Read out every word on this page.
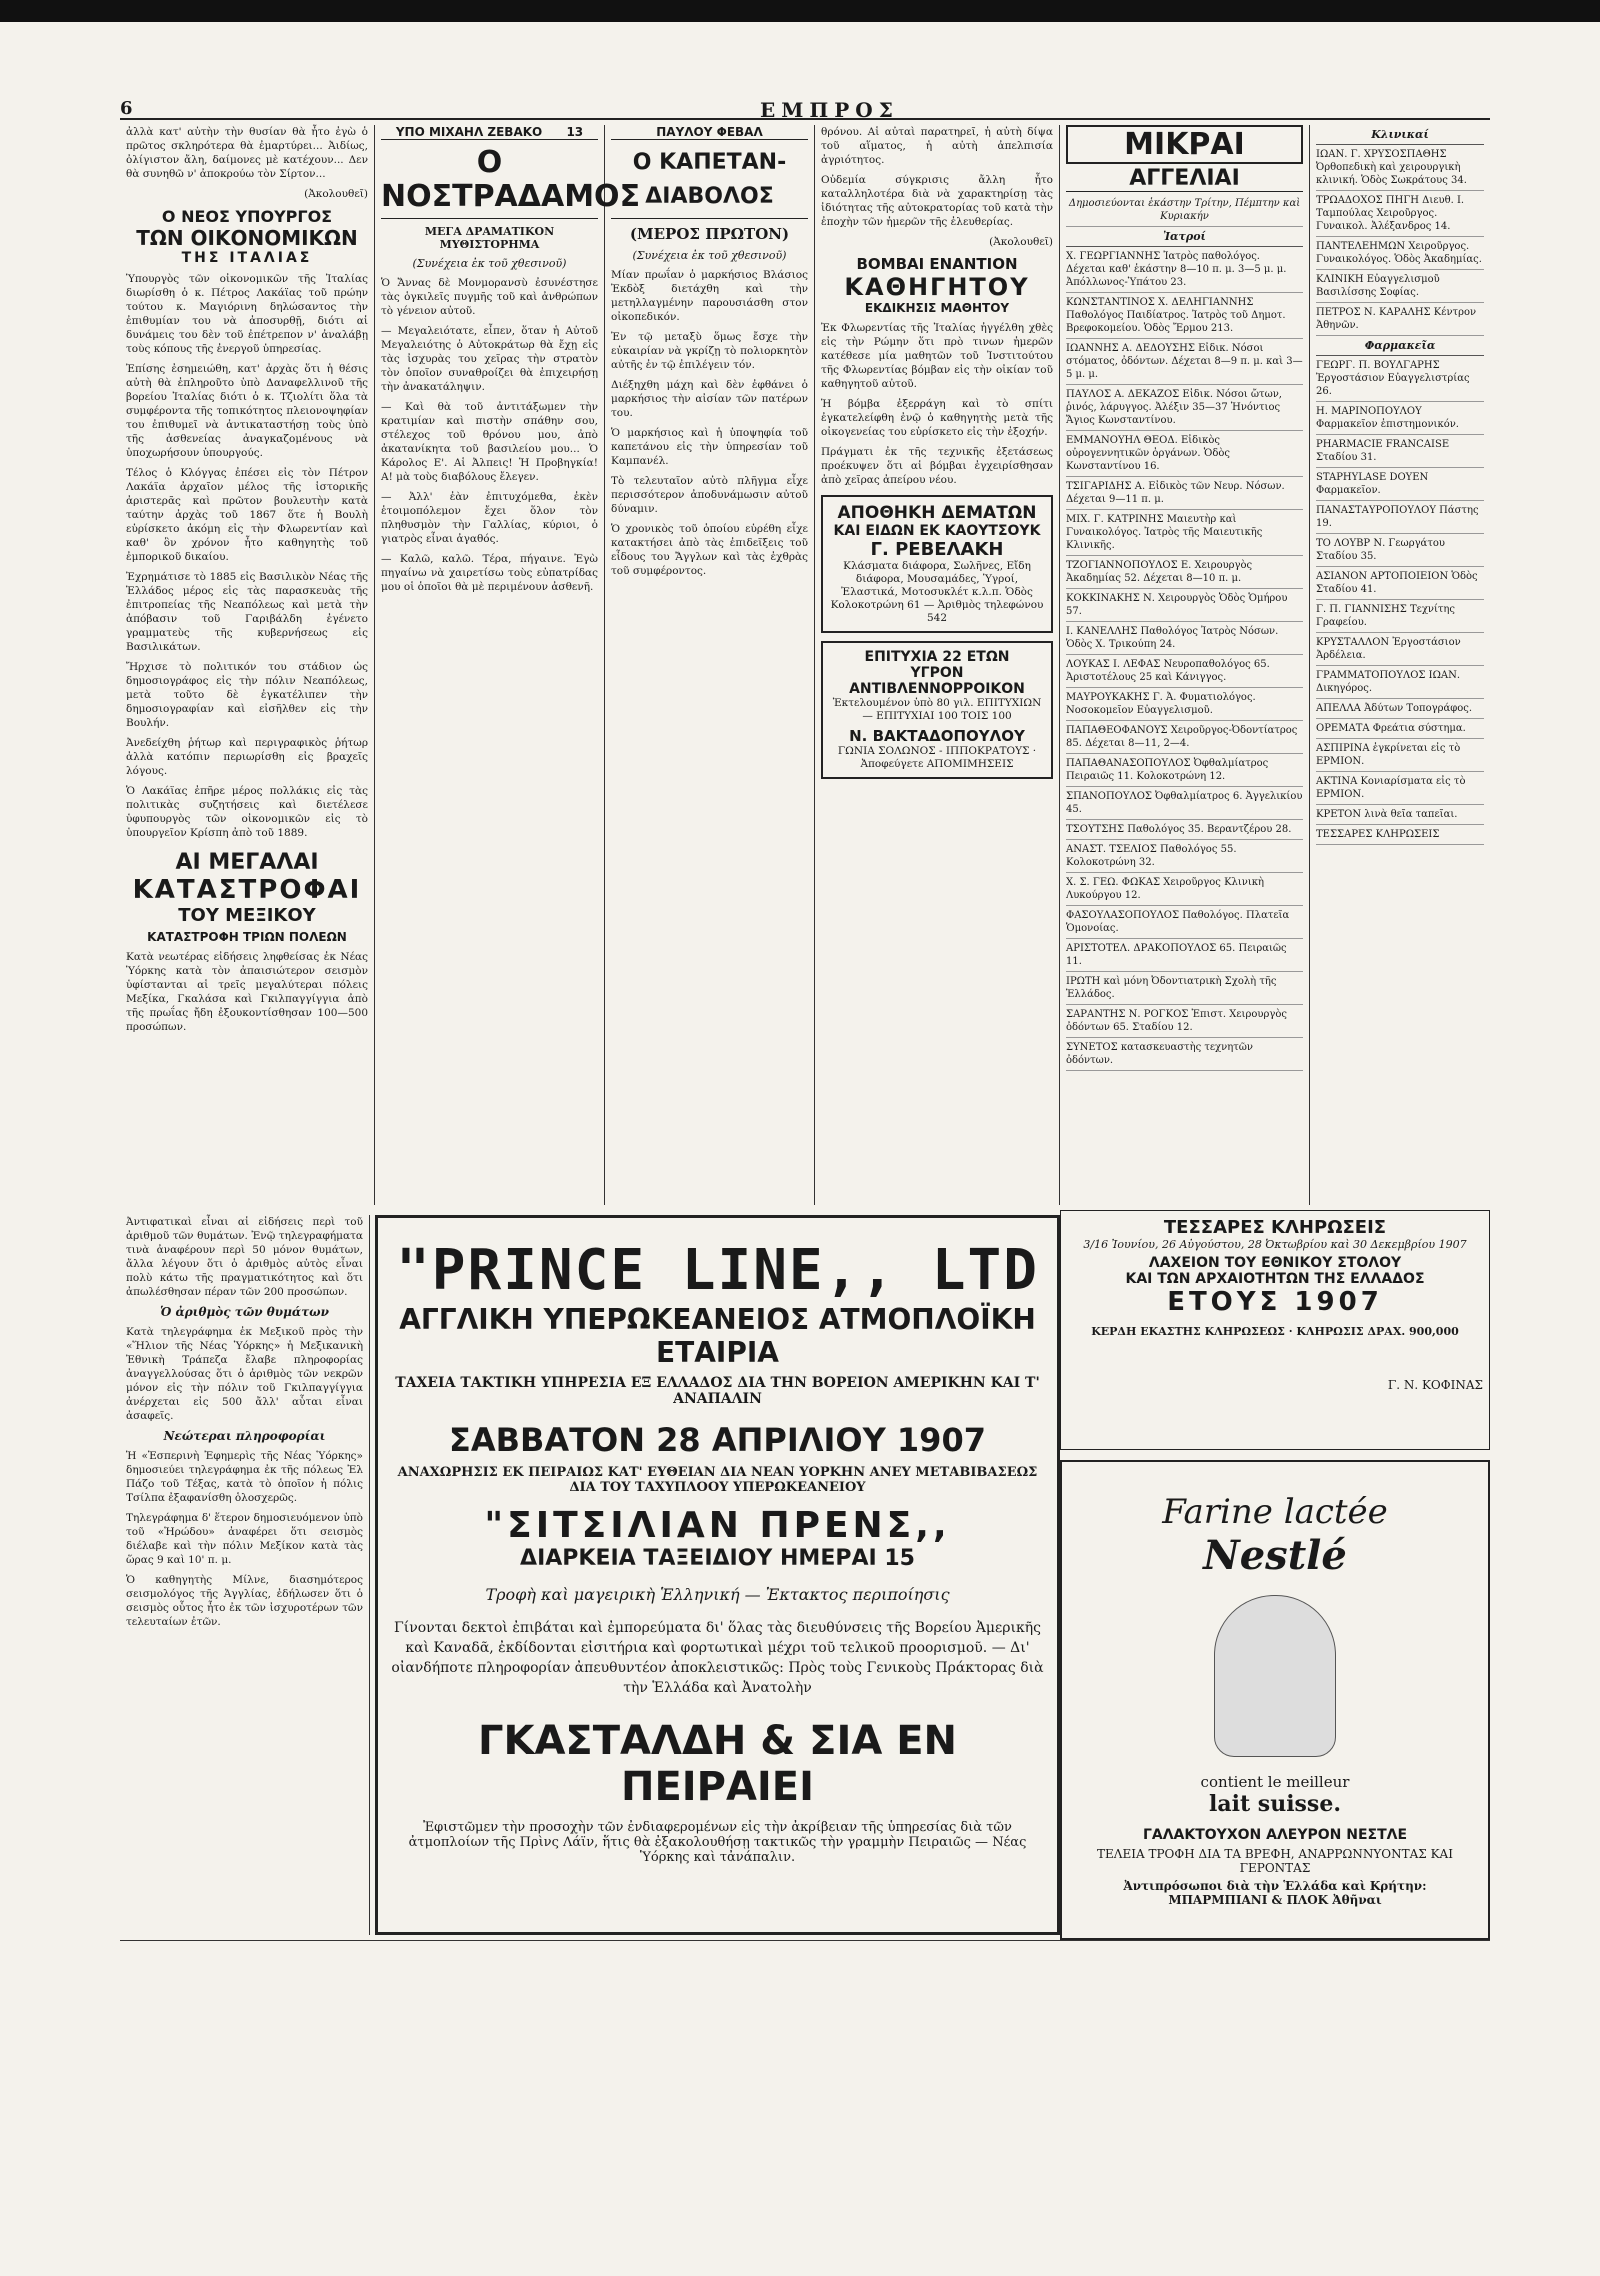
6	ΕΜΠΡΟΣ

ἀλλὰ κατ' αὐτὴν τὴν θυσίαν θὰ ἦτο ἐγὼ ὁ πρῶτος σκληρότερα θὰ ἐμαρτύρει... Ἀιδίως, ὀλίγιστον ἄλη, δαίμονες μὲ κατέχουν... Δεν θὰ συνηθῶ ν' ἀποκρούω τὸν Σίρτον...

(Ἀκολουθεῖ)

Ο ΝΕΟΣ ΥΠΟΥΡΓΟΣ
ΤΩΝ ΟΙΚΟΝΟΜΙΚΩΝ
ΤΗΣ ΙΤΑΛΙΑΣ

Ὑπουργὸς τῶν οἰκονομικῶν τῆς Ἰταλίας διωρίσθη ὁ κ. Πέτρος Λακάϊας τοῦ πρώην τούτου κ. Μαγιόρινη δηλώσαντος τὴν ἐπιθυμίαν του νὰ ἀποσυρθῇ, διότι αἱ δυνάμεις του δὲν τοῦ ἐπέτρεπον ν' ἀναλάβῃ τοὺς κόπους τῆς ἐνεργοῦ ὑπηρεσίας.

Ἐπίσης ἐσημειώθη, κατ' ἀρχὰς ὅτι ἡ θέσις αὐτὴ θὰ ἐπληροῦτο ὑπὸ Δαναφελλινοῦ τῆς βορείου Ἰταλίας διότι ὁ κ. Τζιολίτι ὅλα τὰ συμφέροντα τῆς τοπικότητος πλειονοψηφίαν του ἐπιθυμεῖ νὰ ἀντικαταστήσῃ τοὺς ὑπὸ τῆς ἀσθενείας ἀναγκαζομένους νὰ ὑποχωρήσουν ὑπουργούς.

Τέλος ὁ Κλόγγας ἐπέσει εἰς τὸν Πέτρον Λακάϊα ἀρχαῖον μέλος τῆς ἱστορικῆς ἀριστερᾶς καὶ πρῶτον βουλευτὴν κατὰ ταύτην ἀρχὰς τοῦ 1867 ὅτε ἡ Βουλὴ εὑρίσκετο ἀκόμη εἰς τὴν Φλωρεντίαν καὶ καθ' ὃν χρόνον ἦτο καθηγητὴς τοῦ ἐμπορικοῦ δικαίου.

Ἐχρημάτισε τὸ 1885 εἰς Βασιλικὸν Νέας τῆς Ἑλλάδος μέρος εἰς τὰς παρασκευὰς τῆς ἐπιτροπείας τῆς Νεαπόλεως καὶ μετὰ τὴν ἀπόβασιν τοῦ Γαριβάλδη ἐγένετο γραμματεὺς τῆς κυβερνήσεως εἰς Βασιλικάτων.

Ἤρχισε τὸ πολιτικόν του στάδιον ὡς δημοσιογράφος εἰς τὴν πόλιν Νεαπόλεως, μετὰ τοῦτο δὲ ἐγκατέλιπεν τὴν δημοσιογραφίαν καὶ εἰσῆλθεν εἰς τὴν Βουλήν.

Ἀνεδείχθη ῥήτωρ καὶ περιγραφικὸς ῥήτωρ ἀλλὰ κατόπιν περιωρίσθη εἰς βραχεῖς λόγους.

Ὁ Λακάϊας ἐπῆρε μέρος πολλάκις εἰς τὰς πολιτικὰς συζητήσεις καὶ διετέλεσε ὑφυπουργὸς τῶν οἰκονομικῶν εἰς τὸ ὑπουργεῖον Κρίσπη ἀπὸ τοῦ 1889.

ΑΙ ΜΕΓΑΛΑΙ
ΚΑΤΑΣΤΡΟΦΑΙ
ΤΟΥ ΜΕΞΙΚΟΥ
ΚΑΤΑΣΤΡΟΦΗ ΤΡΙΩΝ ΠΟΛΕΩΝ

Κατὰ νεωτέρας εἰδήσεις ληφθείσας ἐκ Νέας Ὑόρκης κατὰ τὸν ἀπαισιώτερον σεισμὸν ὑφίστανται αἱ τρεῖς μεγαλύτεραι πόλεις Μεξίκα, Γκαλάσα καὶ Γκιλπαγγίγγια ἀπὸ τῆς πρωΐας ἤδη ἐξουκοντίσθησαν 100—500 προσώπων.

ΥΠΟ ΜΙΧΑΗΛ ΖΕΒΑΚΟ 13
Ο ΝΟΣΤΡΑΔΑΜΟΣ
ΜΕΓΑ ΔΡΑΜΑΤΙΚΟΝ ΜΥΘΙΣΤΟΡΗΜΑ
(Συνέχεια ἐκ τοῦ χθεσινοῦ)

Ὁ Ἄννας δὲ Μονμορανσὺ ἐσυνέστησε τὰς ὁγκιλεῖς πυγμῆς τοῦ καὶ ἀνθρώπων τὸ γένειον αὐτοῦ.

— Μεγαλειότατε, εἶπεν, ὅταν ἡ Αὐτοῦ Μεγαλειότης ὁ Αὐτοκράτωρ θὰ ἔχῃ εἰς τὰς ἰσχυρὰς του χεῖρας τὴν στρατὸν τὸν ὁποῖον συναθροίζει θὰ ἐπιχειρήσῃ τὴν ἀνακατάληψιν.

— Καὶ θὰ τοῦ ἀντιτάξωμεν τὴν κρατιμίαν καὶ πιστὴν σπάθην σου, στέλεχος τοῦ θρόνου μου, ἀπὸ ἀκατανίκητα τοῦ βασιλείου μου... Ὁ Κάρολος Ε'. Αἱ Ἀλπεις! Ἡ Προβηγκία! Α! μὰ τοὺς διαβόλους ἔλεγεν.

— Ἀλλ' ἐὰν ἐπιτυχόμεθα, ἐκὲν ἑτοιμοπόλεμον ἔχει ὅλον τὸν πληθυσμὸν τὴν Γαλλίας, κύριοι, ὁ γιατρὸς εἶναι ἀγαθός.

— Καλῶ, καλῶ. Τέρα, πήγαινε. Ἐγὼ πηγαίνω νὰ χαιρετίσω τοὺς εὐπατρίδας μου οἱ ὁποῖοι θὰ μὲ περιμένουν ἀσθενῆ.

ΠΑΥΛΟΥ ΦΕΒΑΛ
Ο ΚΑΠΕΤΑΝ-ΔΙΑΒΟΛΟΣ
(ΜΕΡΟΣ ΠΡΩΤΟΝ)
(Συνέχεια ἐκ τοῦ χθεσινοῦ)

Μίαν πρωΐαν ὁ μαρκήσιος Βλάσιος Ἐκδὸξ διετάχθη καὶ τὴν μετηλλαγμένην παρουσιάσθη στον οἰκοπεδικόν.

Ἐν τῷ μεταξὺ ὅμως ἔσχε τὴν εὐκαιρίαν νὰ γκρίζῃ τὸ πολιορκητὸν αὐτῆς ἐν τῷ ἐπιλέγειν τόν.

Διέξηχθη μάχη καὶ δὲν ἐφθάνει ὁ μαρκήσιος τὴν αἰσίαν τῶν πατέρων του.

Ὁ μαρκήσιος καὶ ἡ ὑποψηφία τοῦ καπετάνου εἰς τὴν ὑπηρεσίαν τοῦ Καμπανέλ.

Τὸ τελευταῖον αὐτὸ πλῆγμα εἶχε περισσότερον ἀποδυνάμωσιν αὐτοῦ δύναμιν.

Ὁ χρονικὸς τοῦ ὁποίου εὑρέθη εἶχε κατακτήσει ἀπὸ τὰς ἐπιδεῖξεις τοῦ εἶδους του Ἄγγλων καὶ τὰς ἐχθρὰς τοῦ συμφέροντος.

θρόνου. Αἱ αὐταὶ παρατηρεῖ, ἡ αὐτὴ δίψα τοῦ αἵματος, ἡ αὐτὴ ἀπελπισία ἀγριότητος.

Οὐδεμία σύγκρισις ἄλλη ἦτο καταλληλοτέρα διὰ νὰ χαρακτηρίσῃ τὰς ἰδιότητας τῆς αὐτοκρατορίας τοῦ κατὰ τὴν ἐποχὴν τῶν ἡμερῶν τῆς ἐλευθερίας.

(Ἀκολουθεῖ)

ΒΟΜΒΑΙ ΕΝΑΝΤΙΟΝ
ΚΑΘΗΓΗΤΟΥ
ΕΚΔΙΚΗΣΙΣ ΜΑΘΗΤΟΥ

Ἐκ Φλωρεντίας τῆς Ἰταλίας ἠγγέλθη χθὲς εἰς τὴν Ρώμην ὅτι πρὸ τινων ἡμερῶν κατέθεσε μία μαθητῶν τοῦ Ἰνστιτούτου τῆς Φλωρεντίας βόμβαν εἰς τὴν οἰκίαν τοῦ καθηγητοῦ αὐτοῦ.

Ἡ βόμβα ἐξερράγη καὶ τὸ σπίτι ἐγκατελείφθη ἐνῷ ὁ καθηγητὴς μετὰ τῆς οἰκογενείας του εὑρίσκετο εἰς τὴν ἐξοχήν.

Πράγματι ἐκ τῆς τεχνικῆς ἐξετάσεως προέκυψεν ὅτι αἱ βόμβαι ἐγχειρίσθησαν ἀπὸ χεῖρας ἀπείρου νέου.

ΑΠΟΘΗΚΗ ΔΕΜΑΤΩΝ
ΚΑΙ ΕΙΔΩΝ ΕΚ ΚΑΟΥΤΣΟΥΚ
Γ. ΡΕΒΕΛΑΚΗ
Κλάσματα διάφορα, Σωλῆνες, Εἴδη διάφορα, Μουσαμάδες, Ὑγροί, Ἐλαστικά, Μοτοσυκλέτ κ.λ.π. Ὁδὸς Κολοκοτρώνη 61 — Ἀριθμὸς τηλεφώνου 542
ΕΠΙΤΥΧΙΑ 22 ΕΤΩΝ
ΥΓΡΟΝ ΑΝΤΙΒΛΕΝΝΟΡΡΟΙΚΟΝ
Ἐκτελουμένον ὑπὸ 80 γιλ. ΕΠΙΤΥΧΙΩΝ — ΕΠΙΤΥΧΙΑΙ 100 ΤΟΙΣ 100
Ν. ΒΑΚΤΑΔΟΠΟΥΛΟΥ
ΓΩΝΙΑ ΣΟΛΩΝΟΣ - ΙΠΠΟΚΡΑΤΟΥΣ · Ἀποφεύγετε ΑΠΟΜΙΜΗΣΕΙΣ
ΜΙΚΡΑΙ
ΑΓΓΕΛΙΑΙ
Δημοσιεύονται ἑκάστην Τρίτην, Πέμπτην καὶ Κυριακήν
Ἰατροί
Χ. ΓΕΩΡΓΙΑΝΝΗΣ Ἰατρὸς παθολόγος. Δέχεται καθ' ἑκάστην 8—10 π. μ. 3—5 μ. μ. Ἀπόλλωνος-Ὑπάτου 23.
ΚΩΝΣΤΑΝΤΙΝΟΣ Χ. ΔΕΛΗΓΙΑΝΝΗΣ Παθολόγος Παιδίατρος. Ἰατρὸς τοῦ Δημοτ. Βρεφοκομείου. Ὁδὸς Ἔρμου 213.
ΙΩΑΝΝΗΣ Α. ΔΕΔΟΥΣΗΣ Εἰδικ. Νόσοι στόματος, ὀδόντων. Δέχεται 8—9 π. μ. καὶ 3—5 μ. μ.
ΠΑΥΛΟΣ Α. ΔΕΚΑΖΟΣ Εἰδικ. Νόσοι ὤτων, ῥινός, λάρυγγος. Ἀλέξιν 35—37 Ἡνόντιος Ἄγιος Κωνσταντίνου.
ΕΜΜΑΝΟΥΗΛ ΘΕΟΔ. Εἰδικὸς οὐρογεννητικῶν ὀργάνων. Ὁδὸς Κωνσταντίνου 16.
ΤΣΙΓΑΡΙΔΗΣ Α. Εἰδικὸς τῶν Νευρ. Νόσων. Δέχεται 9—11 π. μ.
ΜΙΧ. Γ. ΚΑΤΡΙΝΗΣ Μαιευτὴρ καὶ Γυναικολόγος. Ἰατρὸς τῆς Μαιευτικῆς Κλινικῆς.
ΤΖΟΓΙΑΝΝΟΠΟΥΛΟΣ Ε. Χειρουργὸς Ἀκαδημίας 52. Δέχεται 8—10 π. μ.
ΚΟΚΚΙΝΑΚΗΣ Ν. Χειρουργὸς Ὁδὸς Ὁμήρου 57.
Ι. ΚΑΝΕΛΛΗΣ Παθολόγος Ἰατρὸς Νόσων. Ὁδὸς Χ. Τρικούπη 24.
ΛΟΥΚΑΣ Ι. ΛΕΦΑΣ Νευροπαθολόγος 65. Ἀριστοτέλους 25 καὶ Κάνιγγος.
ΜΑΥΡΟΥΚΑΚΗΣ Γ. Ἀ. Φυματιολόγος. Νοσοκομεῖον Εὐαγγελισμοῦ.
ΠΑΠΑΘΕΟΦΑΝΟΥΣ Χειροῦργος-Ὀδοντίατρος 85. Δέχεται 8—11, 2—4.
ΠΑΠΑΘΑΝΑΣΟΠΟΥΛΟΣ Ὀφθαλμίατρος Πειραιῶς 11. Κολοκοτρώνη 12.
ΣΠΑΝΟΠΟΥΛΟΣ Ὀφθαλμίατρος 6. Ἀγγελικίου 45.
ΤΣΟΥΤΣΗΣ Παθολόγος 35. Βεραντζέρου 28.
ΑΝΑΣΤ. ΤΣΕΛΙΟΣ Παθολόγος 55. Κολοκοτρώνη 32.
Χ. Σ. ΓΕΩ. ΦΩΚΑΣ Χειροῦργος Κλινικὴ Λυκούργου 12.
ΦΑΣΟΥΛΑΣΟΠΟΥΛΟΣ Παθολόγος. Πλατεῖα Ὁμονοίας.
ΑΡΙΣΤΟΤΕΛ. ΔΡΑΚΟΠΟΥΛΟΣ 65. Πειραιῶς 11.
ΙΡΩΤΗ καὶ μόνη Ὀδοντιατρικὴ Σχολὴ τῆς Ἑλλάδος.
ΣΑΡΑΝΤΗΣ Ν. ΡΟΓΚΟΣ Ἐπιστ. Χειρουργὸς ὀδόντων 65. Σταδίου 12.
ΣΥΝΕΤΟΣ κατασκευαστὴς τεχνητῶν ὀδόντων.
Κλινικαί
ΙΩΑΝ. Γ. ΧΡΥΣΟΣΠΑΘΗΣ Ὀρθοπεδικὴ καὶ χειρουργικὴ κλινική. Ὁδὸς Σωκράτους 34.
ΤΡΩΑΔΟΧΟΣ ΠΗΓΗ Διευθ. Ι. Ταμπούλας Χειροῦργος. Γυναικολ. Ἀλέξανδρος 14.
ΠΑΝΤΕΛΕΗΜΩΝ Χειροῦργος. Γυναικολόγος. Ὁδὸς Ἀκαδημίας.
ΚΛΙΝΙΚΗ Εὐαγγελισμοῦ Βασιλίσσης Σοφίας.
ΠΕΤΡΟΣ Ν. ΚΑΡΑΛΗΣ Κέντρον Ἀθηνῶν.
Φαρμακεῖα
ΓΕΩΡΓ. Π. ΒΟΥΛΓΑΡΗΣ Ἐργοστάσιον Εὐαγγελιστρίας 26.
Η. ΜΑΡΙΝΟΠΟΥΛΟΥ Φαρμακεῖον ἐπιστημονικόν.
PHARMACIE FRANCAISE Σταδίου 31.
STAPHYLASE DOYEN Φαρμακεῖον.
ΠΑΝΑΣΤΑΥΡΟΠΟΥΛΟΥ Πάστης 19.
ΤΟ ΛΟΥΒΡ Ν. Γεωργάτου Σταδίου 35.
ΑΣΙΑΝΟΝ ΑΡΤΟΠΟΙΕΙΟΝ Ὁδὸς Σταδίου 41.
Γ. Π. ΓΙΑΝΝΙΣΗΣ Τεχνίτης Γραφείου.
ΚΡΥΣΤΑΛΛΟΝ Ἐργοστάσιον Ἀρδέλεια.
ΓΡΑΜΜΑΤΟΠΟΥΛΟΣ ΙΩΑΝ. Δικηγόρος.
ΑΠΕΛΛΑ Ἀδύτων Τοπογράφος.
ΟΡΕΜΑΤΑ Φρεάτια σύστημα.
ΑΣΠΙΡΙΝΑ ἐγκρίνεται εἰς τὸ ΕΡΜΙΟΝ.
ΑΚΤΙΝΑ Κονιαρίσματα εἰς τὸ ΕΡΜΙΟΝ.
ΚΡΕΤΟΝ λινὰ θεῖα ταπεῖαι.
ΤΕΣΣΑΡΕΣ ΚΛΗΡΩΣΕΙΣ

Ἀντιφατικαὶ εἶναι αἱ εἰδήσεις περὶ τοῦ ἀριθμοῦ τῶν θυμάτων. Ἐνῷ τηλεγραφήματα τινὰ ἀναφέρουν περὶ 50 μόνον θυμάτων, ἄλλα λέγουν ὅτι ὁ ἀριθμὸς αὐτὸς εἶναι πολὺ κάτω τῆς πραγματικότητος καὶ ὅτι ἀπωλέσθησαν πέραν τῶν 200 προσώπων.

Ὁ ἀριθμὸς τῶν θυμάτων

Κατὰ τηλεγράφημα ἐκ Μεξικοῦ πρὸς τὴν «Ἥλιον τῆς Νέας Ὑόρκης» ἡ Μεξικανικὴ Ἐθνικὴ Τράπεζα ἔλαβε πληροφορίας ἀναγγελλούσας ὅτι ὁ ἀριθμὸς τῶν νεκρῶν μόνον εἰς τὴν πόλιν τοῦ Γκιλπαγγίγγια ἀνέρχεται εἰς 500 ἄλλ' αὗται εἶναι ἀσαφεῖς.

Νεώτεραι πληροφορίαι

Ἡ «Ἑσπερινὴ Ἐφημερὶς τῆς Νέας Ὑόρκης» δημοσιεύει τηλεγράφημα ἐκ τῆς πόλεως Ἐλ Πάζο τοῦ Τέξας, κατὰ τὸ ὁποῖον ἡ πόλις Τσίλπα ἐξαφανίσθη ὁλοσχερῶς.

Τηλεγράφημα δ' ἕτερον δημοσιευόμενον ὑπὸ τοῦ «Ἡρώδου» ἀναφέρει ὅτι σεισμὸς διέλαβε καὶ τὴν πόλιν Μεξίκον κατὰ τὰς ὥρας 9 καὶ 10' π. μ.

Ὁ καθηγητὴς Μίλνε, διασημότερος σεισμολόγος τῆς Ἀγγλίας, ἐδήλωσεν ὅτι ὁ σεισμὸς οὗτος ἦτο ἐκ τῶν ἰσχυροτέρων τῶν τελευταίων ἐτῶν.

"PRINCE LINE,, LTD
ΑΓΓΛΙΚΗ ΥΠΕΡΩΚΕΑΝΕΙΟΣ ΑΤΜΟΠΛΟΪΚΗ ΕΤΑΙΡΙΑ
ΤΑΧΕΙΑ ΤΑΚΤΙΚΗ ΥΠΗΡΕΣΙΑ ΕΞ ΕΛΛΑΔΟΣ ΔΙΑ ΤΗΝ ΒΟΡΕΙΟΝ ΑΜΕΡΙΚΗΝ ΚΑΙ Τ' ΑΝΑΠΑΛΙΝ
ΣΑΒΒΑΤΟΝ 28 ΑΠΡΙΛΙΟΥ 1907
ΑΝΑΧΩΡΗΣΙΣ ΕΚ ΠΕΙΡΑΙΩΣ ΚΑΤ' ΕΥΘΕΙΑΝ ΔΙΑ ΝΕΑΝ ΥΟΡΚΗΝ ΑΝΕΥ ΜΕΤΑΒΙΒΑΣΕΩΣ ΔΙΑ ΤΟΥ ΤΑΧΥΠΛΟΟΥ ΥΠΕΡΩΚΕΑΝΕΙΟΥ
"ΣΙΤΣΙΛΙΑΝ ΠΡΕΝΣ,,
ΔΙΑΡΚΕΙΑ ΤΑΞΕΙΔΙΟΥ ΗΜΕΡΑΙ 15
Τροφὴ καὶ μαγειρικὴ Ἑλληνική — Ἐκτακτος περιποίησις
Γίνονται δεκτοὶ ἐπιβάται καὶ ἐμπορεύματα δι' ὅλας τὰς διευθύνσεις τῆς Βορείου Ἀμερικῆς καὶ Καναδᾶ, ἐκδίδονται εἰσιτήρια καὶ φορτωτικαὶ μέχρι τοῦ τελικοῦ προορισμοῦ. — Δι' οἰανδήποτε πληροφορίαν ἀπευθυντέον ἀποκλειστικῶς: Πρὸς τοὺς Γενικοὺς Πράκτορας διὰ τὴν Ἑλλάδα καὶ Ἀνατολὴν
ΓΚΑΣΤΑΛΔΗ & ΣΙΑ ΕΝ ΠΕΙΡΑΙΕΙ
Ἐφιστῶμεν τὴν προσοχὴν τῶν ἐνδιαφερομένων εἰς τὴν ἀκρίβειαν τῆς ὑπηρεσίας διὰ τῶν ἀτμοπλοίων τῆς Πρὶνς Λάϊν, ἥτις θὰ ἐξακολουθήσῃ τακτικῶς τὴν γραμμὴν Πειραιῶς — Νέας Ὑόρκης καὶ τἀνάπαλιν.
ΤΕΣΣΑΡΕΣ ΚΛΗΡΩΣΕΙΣ
3/16 Ἰουνίου, 26 Αὐγούστου, 28 Ὀκτωβρίου καὶ 30 Δεκεμβρίου 1907
ΛΑΧΕΙΟΝ ΤΟΥ ΕΘΝΙΚΟΥ ΣΤΟΛΟΥ
ΚΑΙ ΤΩΝ ΑΡΧΑΙΟΤΗΤΩΝ ΤΗΣ ΕΛΛΑΔΟΣ
ΕΤΟΥΣ 1907
ΚΕΡΔΗ ΕΚΑΣΤΗΣ ΚΛΗΡΩΣΕΩΣ · ΚΛΗΡΩΣΙΣ ΔΡΑΧ. 900,000
Γ. Ν. ΚΟΦΙΝΑΣ
Farine lactée
Nestlé
contient le meilleur
lait suisse.
ΓΑΛΑΚΤΟΥΧΟΝ ΑΛΕΥΡΟΝ ΝΕΣΤΛΕ
ΤΕΛΕΙΑ ΤΡΟΦΗ ΔΙΑ ΤΑ ΒΡΕΦΗ, ΑΝΑΡΡΩΝΝΥΟΝΤΑΣ ΚΑΙ ΓΕΡΟΝΤΑΣ
Ἀντιπρόσωποι διὰ τὴν Ἑλλάδα καὶ Κρήτην: ΜΠΑΡΜΠΙΑΝΙ & ΠΛΟΚ Ἀθῆναι
